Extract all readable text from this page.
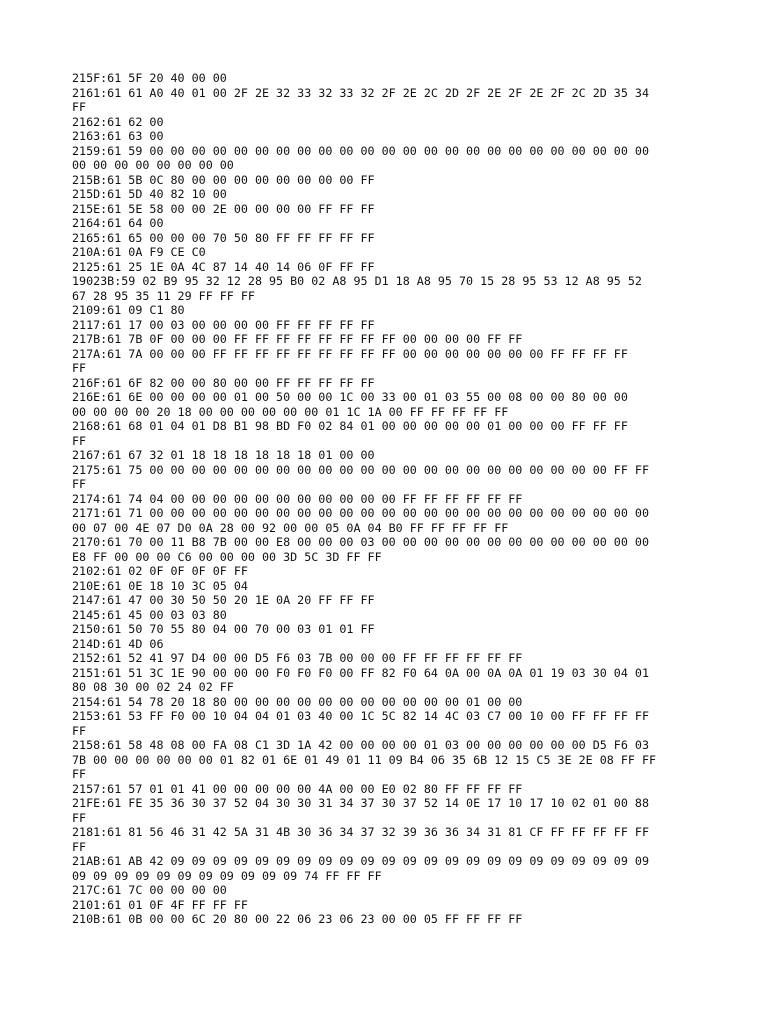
215F:61 5F 20 40 00 00
2161:61 61 A0 40 01 00 2F 2E 32 33 32 33 32 2F 2E 2C 2D 2F 2E 2F 2E 2F 2C 2D 35 34
FF
2162:61 62 00
2163:61 63 00
2159:61 59 00 00 00 00 00 00 00 00 00 00 00 00 00 00 00 00 00 00 00 00 00 00 00 00
00 00 00 00 00 00 00 00
215B:61 5B 0C 80 00 00 00 00 00 00 00 00 FF
215D:61 5D 40 82 10 00
215E:61 5E 58 00 00 2E 00 00 00 00 FF FF FF
2164:61 64 00
2165:61 65 00 00 00 70 50 80 FF FF FF FF FF
210A:61 0A F9 CE C0
2125:61 25 1E 0A 4C 87 14 40 14 06 0F FF FF
19023B:59 02 B9 95 32 12 28 95 B0 02 A8 95 D1 18 A8 95 70 15 28 95 53 12 A8 95 52
67 28 95 35 11 29 FF FF FF
2109:61 09 C1 80
2117:61 17 00 03 00 00 00 00 FF FF FF FF FF
217B:61 7B 0F 00 00 00 FF FF FF FF FF FF FF FF 00 00 00 00 FF FF
217A:61 7A 00 00 00 FF FF FF FF FF FF FF FF FF 00 00 00 00 00 00 00 FF FF FF FF
FF
216F:61 6F 82 00 00 80 00 00 FF FF FF FF FF
216E:61 6E 00 00 00 00 01 00 50 00 00 1C 00 33 00 01 03 55 00 08 00 00 80 00 00
00 00 00 00 20 18 00 00 00 00 00 00 01 1C 1A 00 FF FF FF FF FF
2168:61 68 01 04 01 D8 B1 98 BD F0 02 84 01 00 00 00 00 00 01 00 00 00 FF FF FF
FF
2167:61 67 32 01 18 18 18 18 18 18 01 00 00
2175:61 75 00 00 00 00 00 00 00 00 00 00 00 00 00 00 00 00 00 00 00 00 00 00 FF FF
FF
2174:61 74 04 00 00 00 00 00 00 00 00 00 00 00 FF FF FF FF FF FF
2171:61 71 00 00 00 00 00 00 00 00 00 00 00 00 00 00 00 00 00 00 00 00 00 00 00 00
00 07 00 4E 07 D0 0A 28 00 92 00 00 05 0A 04 B0 FF FF FF FF FF
2170:61 70 00 11 B8 7B 00 00 E8 00 00 00 03 00 00 00 00 00 00 00 00 00 00 00 00 00
E8 FF 00 00 00 C6 00 00 00 00 3D 5C 3D FF FF
2102:61 02 0F 0F 0F 0F FF
210E:61 0E 18 10 3C 05 04
2147:61 47 00 30 50 50 20 1E 0A 20 FF FF FF
2145:61 45 00 03 03 80
2150:61 50 70 55 80 04 00 70 00 03 01 01 FF
214D:61 4D 06
2152:61 52 41 97 D4 00 00 D5 F6 03 7B 00 00 00 FF FF FF FF FF FF
2151:61 51 3C 1E 90 00 00 00 F0 F0 F0 00 FF 82 F0 64 0A 00 0A 0A 01 19 03 30 04 01
80 08 30 00 02 24 02 FF
2154:61 54 78 20 18 80 00 00 00 00 00 00 00 00 00 00 00 01 00 00
2153:61 53 FF F0 00 10 04 04 01 03 40 00 1C 5C 82 14 4C 03 C7 00 10 00 FF FF FF FF
FF
2158:61 58 48 08 00 FA 08 C1 3D 1A 42 00 00 00 00 01 03 00 00 00 00 00 00 D5 F6 03
7B 00 00 00 00 00 00 01 82 01 6E 01 49 01 11 09 B4 06 35 6B 12 15 C5 3E 2E 08 FF FF
FF
2157:61 57 01 01 41 00 00 00 00 00 4A 00 00 E0 02 80 FF FF FF FF
21FE:61 FE 35 36 30 37 52 04 30 30 31 34 37 30 37 52 14 0E 17 10 17 10 02 01 00 88
FF
2181:61 81 56 46 31 42 5A 31 4B 30 36 34 37 32 39 36 36 34 31 81 CF FF FF FF FF FF
FF
21AB:61 AB 42 09 09 09 09 09 09 09 09 09 09 09 09 09 09 09 09 09 09 09 09 09 09 09
09 09 09 09 09 09 09 09 09 09 09 74 FF FF FF
217C:61 7C 00 00 00 00
2101:61 01 0F 4F FF FF FF
210B:61 0B 00 00 6C 20 80 00 22 06 23 06 23 00 00 05 FF FF FF FF
